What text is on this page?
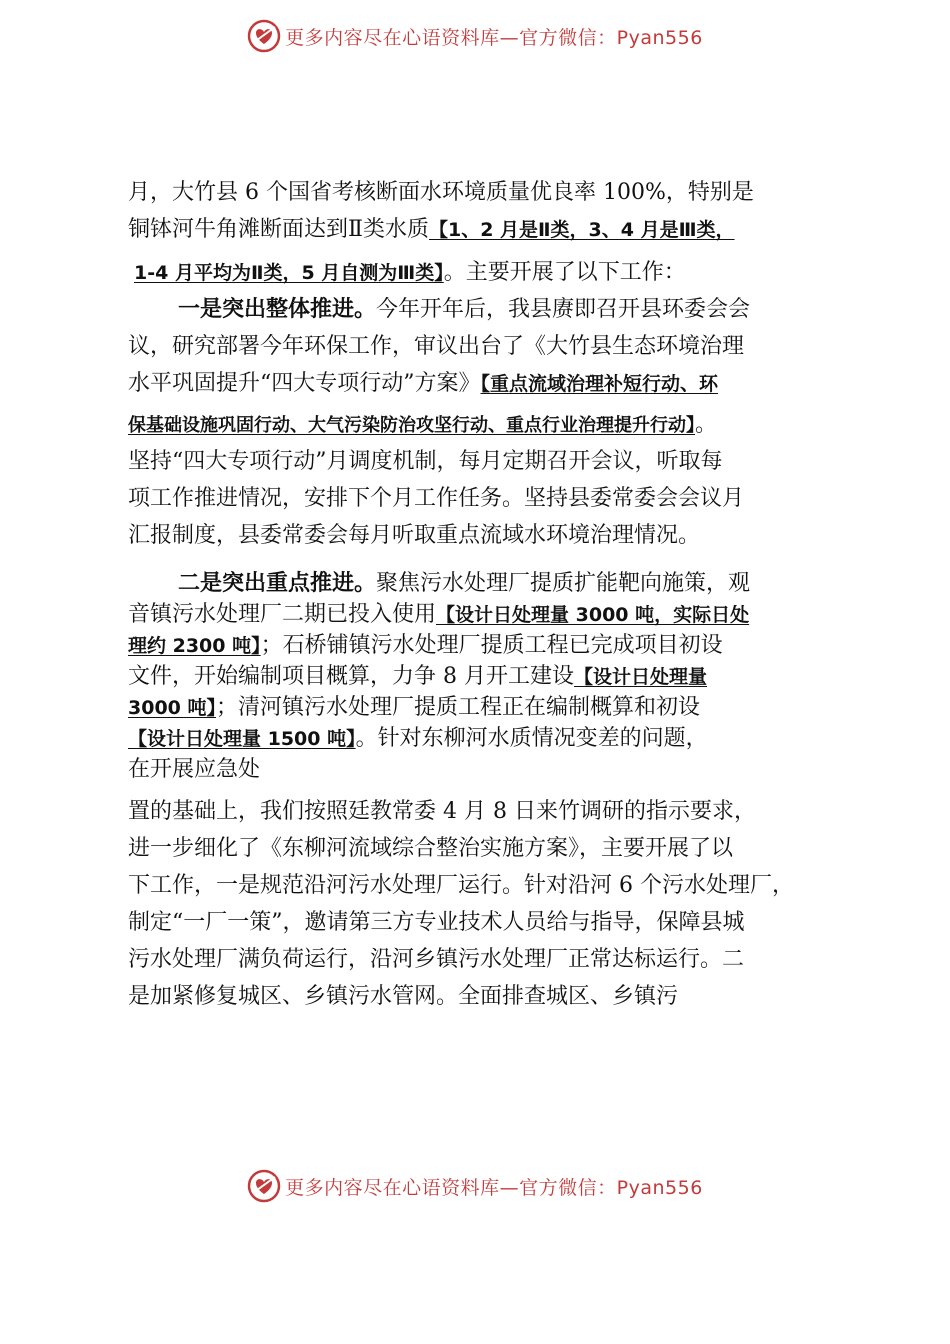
更多内容尽在心语资料库—官方微信：Pyan556
月，大竹县 6 个国省考核断面水环境质量优良率 100%，特别是
铜钵河牛角滩断面达到Ⅱ类水质【1、2 月是Ⅱ类，3、4 月是Ⅲ类，
1-4 月平均为Ⅱ类，5 月自测为Ⅲ类】。主要开展了以下工作：
一是突出整体推进。今年开年后，我县赓即召开县环委会会
议，研究部署今年环保工作，审议出台了《大竹县生态环境治理
水平巩固提升“四大专项行动”方案》【重点流域治理补短行动、环
保基础设施巩固行动、大气污染防治攻坚行动、重点行业治理提升行动】。
坚持“四大专项行动”月调度机制，每月定期召开会议，听取每
项工作推进情况，安排下个月工作任务。坚持县委常委会会议月
汇报制度，县委常委会每月听取重点流域水环境治理情况。
二是突出重点推进。聚焦污水处理厂提质扩能靶向施策，观
音镇污水处理厂二期已投入使用【设计日处理量 3000 吨，实际日处
理约 2300 吨】；石桥铺镇污水处理厂提质工程已完成项目初设
文件，开始编制项目概算，力争 8 月开工建设【设计日处理量
3000 吨】；清河镇污水处理厂提质工程正在编制概算和初设
【设计日处理量 1500 吨】。针对东柳河水质情况变差的问题，
在开展应急处
置的基础上，我们按照廷教常委 4 月 8 日来竹调研的指示要求，
进一步细化了《东柳河流域综合整治实施方案》，主要开展了以
下工作，一是规范沿河污水处理厂运行。针对沿河 6 个污水处理厂，
制定“一厂一策”，邀请第三方专业技术人员给与指导，保障县城
污水处理厂满负荷运行，沿河乡镇污水处理厂正常达标运行。二
是加紧修复城区、乡镇污水管网。全面排查城区、乡镇污
更多内容尽在心语资料库—官方微信：Pyan556
